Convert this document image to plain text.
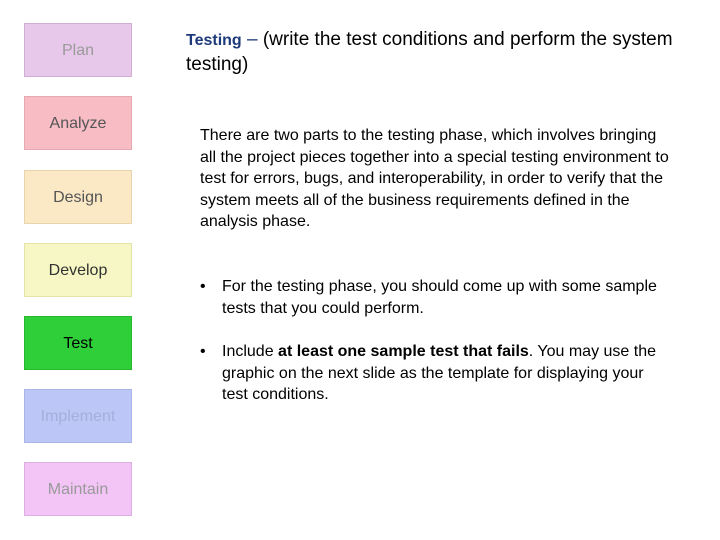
Plan
Analyze
Design
Develop
Test
Implement
Maintain
Testing – (write the test conditions and perform the system testing)
There are two parts to the testing phase, which involves bringing all the project pieces together into a special testing environment to test for errors, bugs, and interoperability, in order to verify that the system meets all of the business requirements defined in the analysis phase.
•	For the testing phase, you should come up with some sample tests that you could perform.
•	Include at least one sample test that fails. You may use the graphic on the next slide as the template for displaying your test conditions.
